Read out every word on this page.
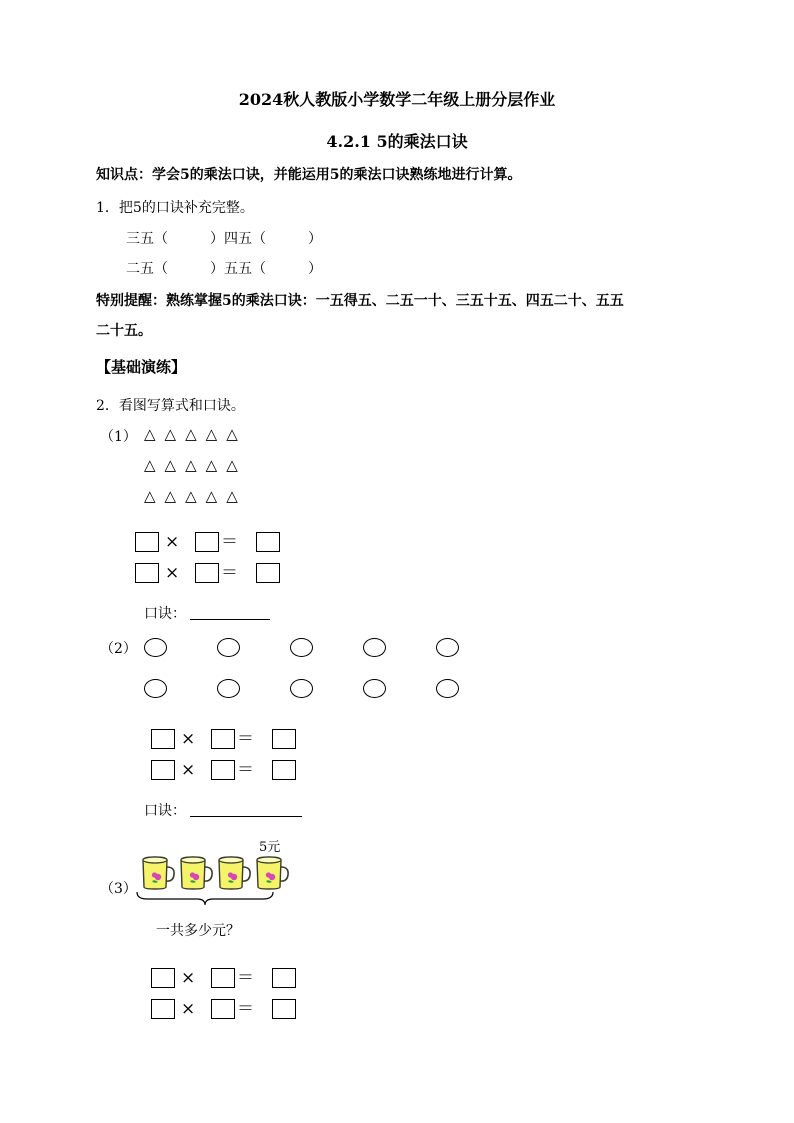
2024秋人教版小学数学二年级上册分层作业
4.2.1 5的乘法口诀
知识点：学会5的乘法口诀，并能运用5的乘法口诀熟练地进行计算。
1．把5的口诀补充完整。
三五（　　　）四五（　　　）
二五（　　　）五五（　　　）
特别提醒：熟练掌握5的乘法口诀：一五得五、二五一十、三五十五、四五二十、五五
二十五。
【基础演练】
2．看图写算式和口诀。
（1） △ △ △ △ △
△ △ △ △ △
△ △ △ △ △
× ＝
× ＝
口诀：
（2）
× ＝
× ＝
口诀：
5元
（3）
一共多少元？
× ＝
× ＝
